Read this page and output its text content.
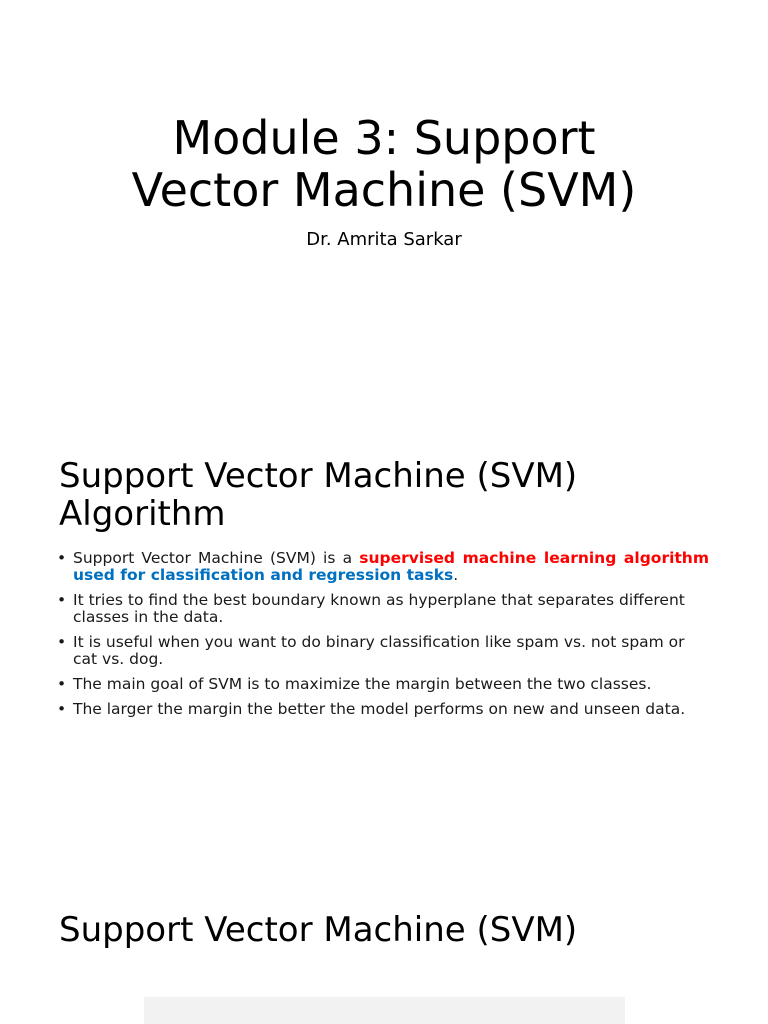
Module 3: Support
Vector Machine (SVM)

Dr. Amrita Sarkar

Support Vector Machine (SVM)
Algorithm
• Support Vector Machine (SVM) is a supervised machine learning algorithm used for classification and regression tasks.
• It tries to find the best boundary known as hyperplane that separates different classes in the data.
• It is useful when you want to do binary classification like spam vs. not spam or cat vs. dog.
• The main goal of SVM is to maximize the margin between the two classes.
• The larger the margin the better the model performs on new and unseen data.
Support Vector Machine (SVM)
